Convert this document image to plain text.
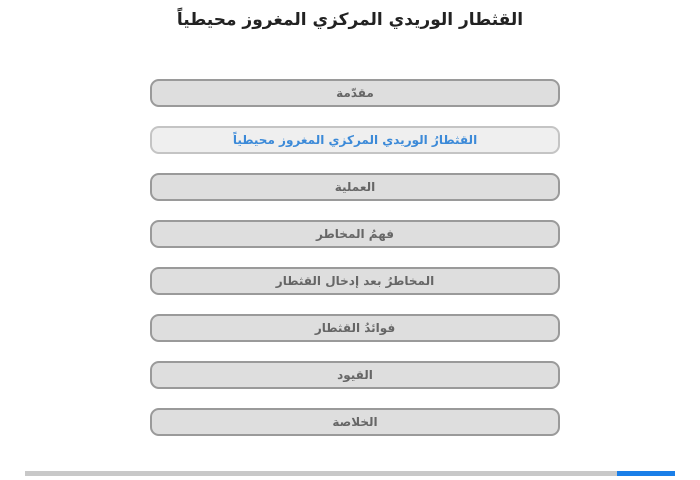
القثطار الوريدي المركزي المغروز محيطياً
مقدّمة
القثطارُ الوريدي المركزي المغروز محيطياً
العملية
فهمُ المخاطر
المخاطرُ بعد إدخال القثطار
فوائدُ القثطار
القيود
الخلاصة
